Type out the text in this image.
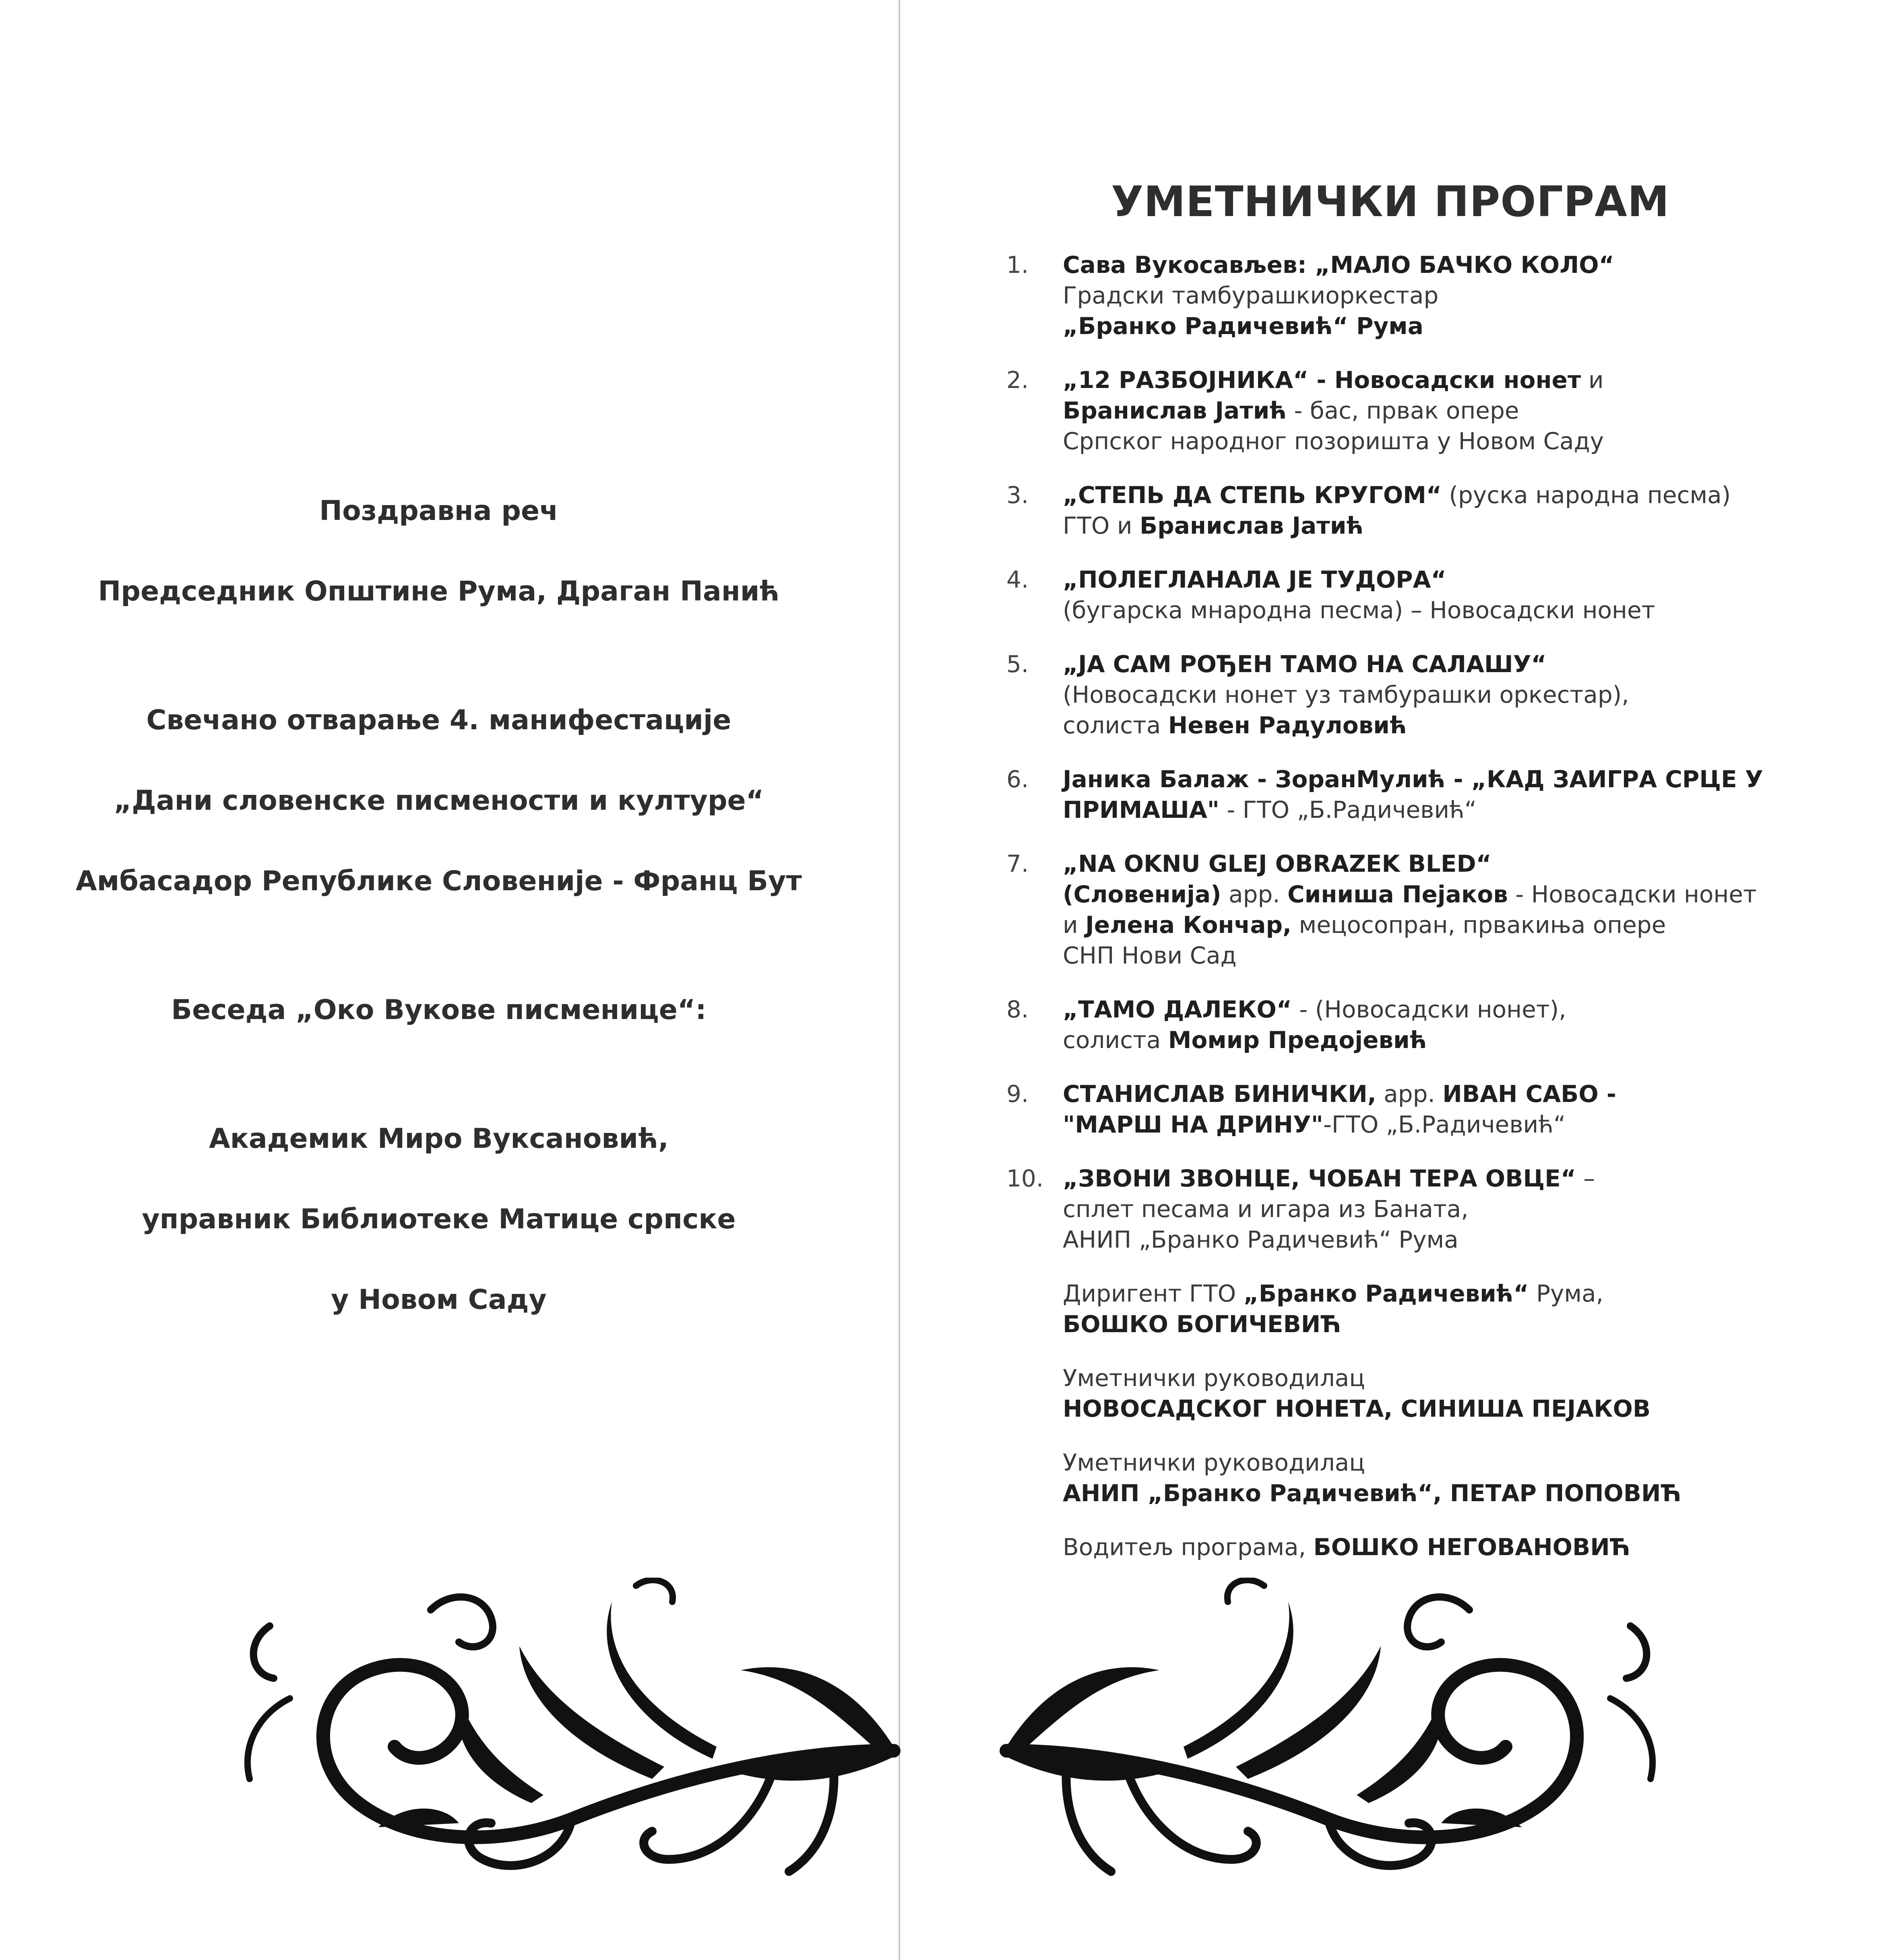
Поздравна реч

Председник Општине Рума, Драган Панић

Свечано отварање 4. манифестације

„Дани словенске писмености и културе“

Амбасадор Републике Словеније - Франц Бут

Беседа „Око Вукове писменице“:

Академик Миро Вуксановић,

управник Библиотеке Матице српске

у Новом Саду

УМЕТНИЧКИ ПРОГРАМ
1.	Сава Вукосављев: „МАЛО БАЧКО КОЛО“
Градски тамбурашкиоркестар
„Бранко Радичевић“ Рума
2.	„12 РАЗБОЈНИКА“ - Новосадски нонет и
Бранислав Јатић - бас, првак опере
Српског народног позоришта у Новом Саду
3.	„СТЕПЬ ДА СТЕПЬ КРУГОМ“ (руска народна песма)
ГТО и Бранислав Јатић
4.	„ПОЛЕГЛАНАЛА ЈЕ ТУДОРА“
(бугарска мнародна песма) – Новосадски нонет
5.	„ЈА САМ РОЂЕН ТАМО НА САЛАШУ“
(Новосадски нонет уз тамбурашки оркестар),
солиста Невен Радуловић
6.	Јаника Балаж - ЗоранМулић - „КАД ЗАИГРА СРЦЕ У
ПРИМАША" - ГТО „Б.Радичевић“
7.	„NA OKNU GLEJ OBRAZEK BLED“
(Словенија) арр. Синиша Пејаков - Новосадски нонет
и Јелена Кончар, мецосопран, првакиња опере
СНП Нови Сад
8.	„ТАМО ДАЛЕКО“ - (Новосадски нонет),
солиста Момир Предојевић
9.	СТАНИСЛАВ БИНИЧКИ, арр. ИВАН САБО -
"МАРШ НА ДРИНУ"-ГТО „Б.Радичевић“
10. „ЗВОНИ ЗВОНЦЕ, ЧОБАН ТЕРА ОВЦЕ“ –
сплет песама и игара из Баната,
АНИП „Бранко Радичевић“ Рума
Диригент ГТО „Бранко Радичевић“ Рума,
БОШКО БОГИЧЕВИЋ
Уметнички руководилац
НОВОСАДСКОГ НОНЕТА, СИНИША ПЕЈАКОВ
Уметнички руководилац
АНИП „Бранко Радичевић“, ПЕТАР ПОПОВИЋ
Водитељ програма, БОШКО НЕГОВАНОВИЋ
